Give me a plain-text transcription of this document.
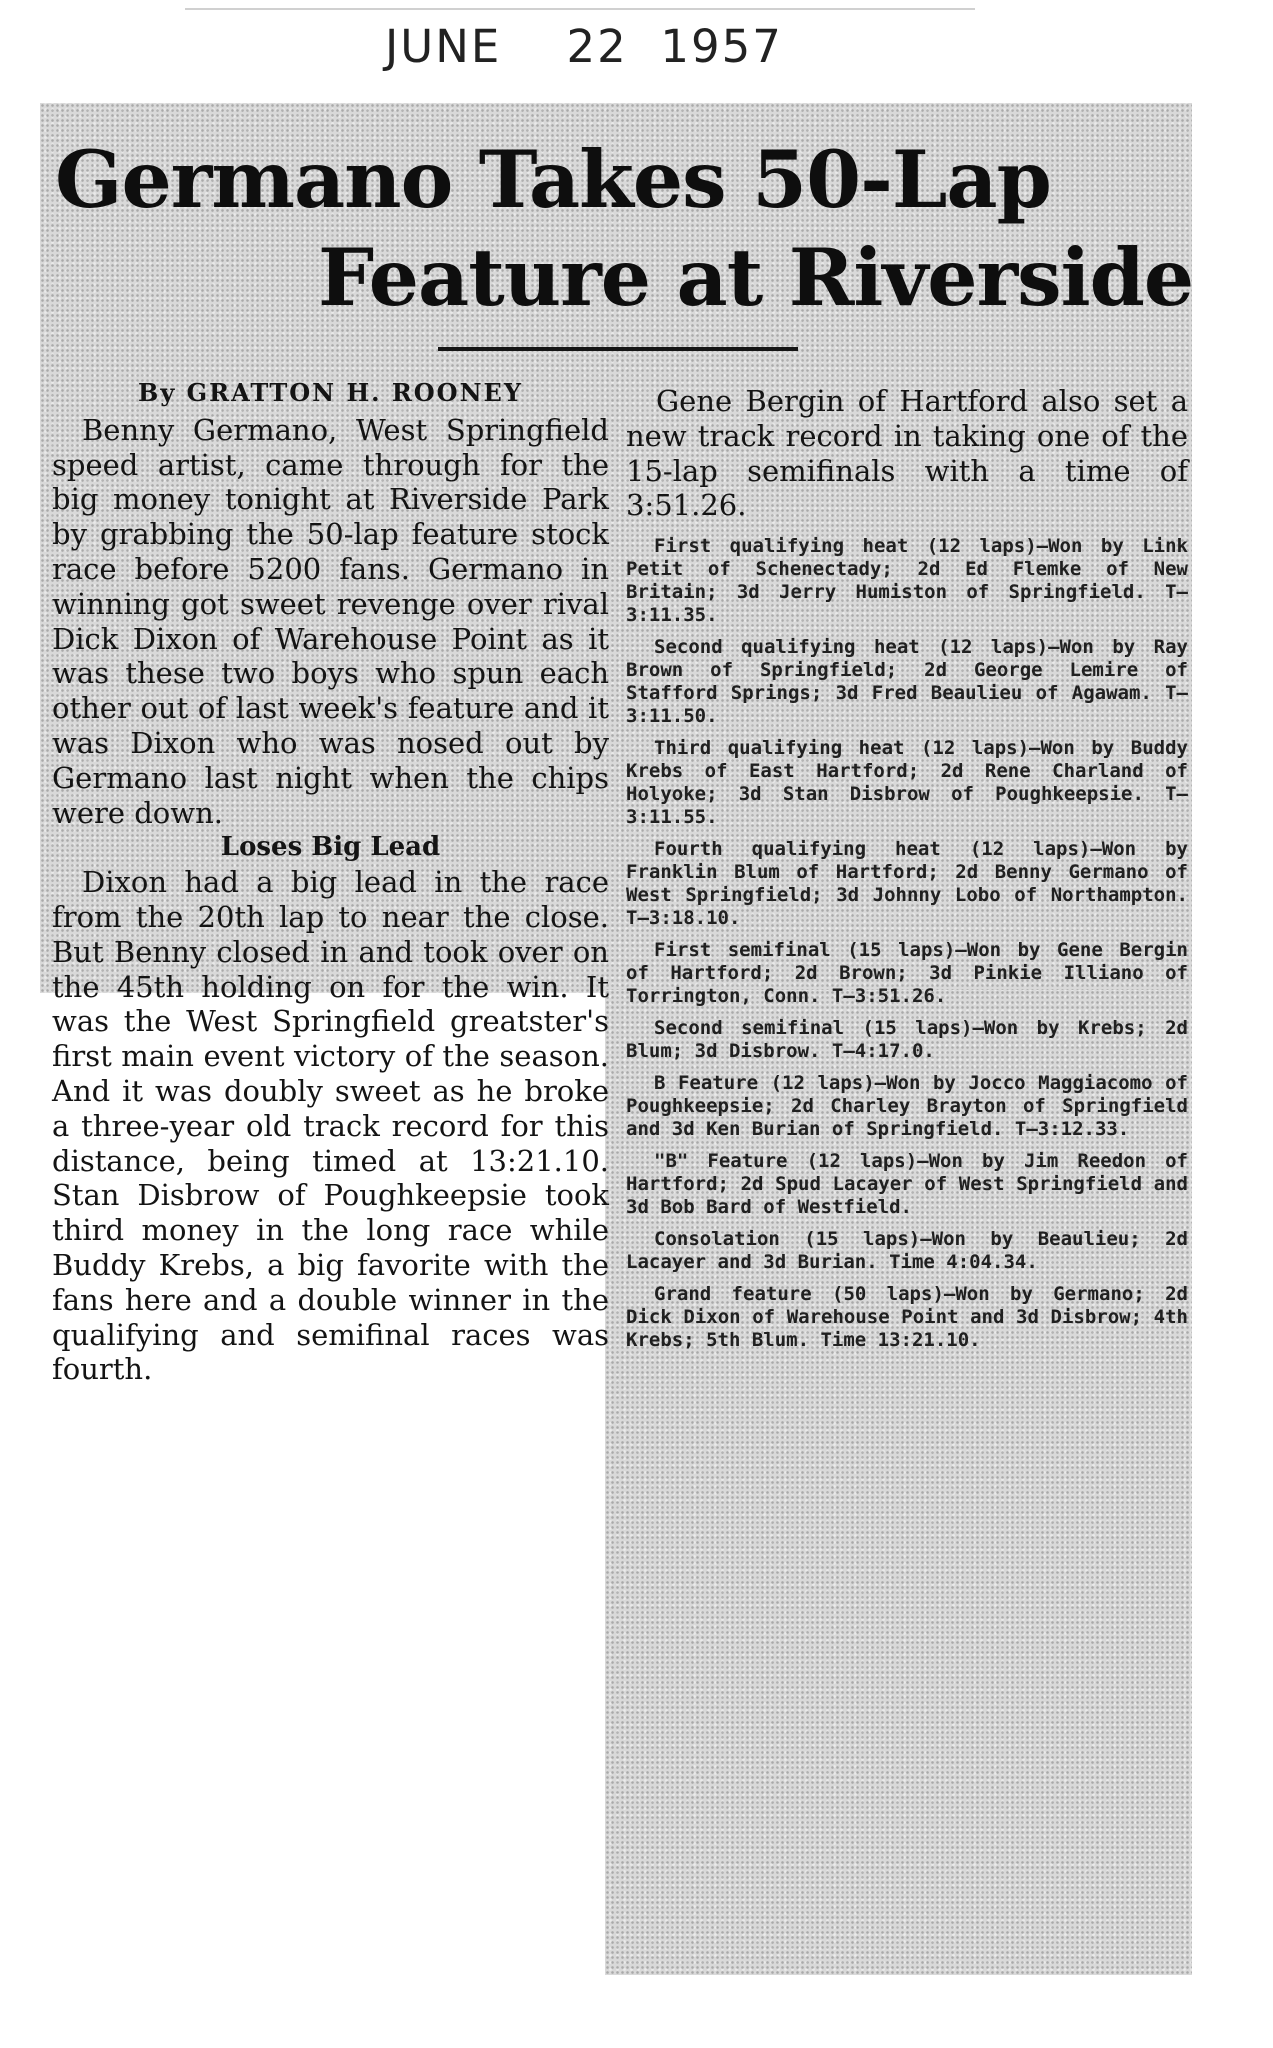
JUNE    22  1957
Germano Takes 50-Lap
Feature at Riverside

By GRATTON H. ROONEY

Benny Germano, West Springfield speed artist, came through for the big money tonight at Riverside Park by grabbing the 50-lap feature stock race before 5200 fans. Germano in winning got sweet revenge over rival Dick Dixon of Warehouse Point as it was these two boys who spun each other out of last week's feature and it was Dixon who was nosed out by Germano last night when the chips were down.

Loses Big Lead

Dixon had a big lead in the race from the 20th lap to near the close. But Benny closed in and took over on the 45th holding on for the win. It was the West Springfield greatster's first main event victory of the season. And it was doubly sweet as he broke a three-year old track record for this distance, being timed at 13:21.10. Stan Disbrow of Poughkeepsie took third money in the long race while Buddy Krebs, a big favorite with the fans here and a double winner in the qualifying and semifinal races was fourth.

Gene Bergin of Hartford also set a new track record in taking one of the 15-lap semifinals with a time of 3:51.26.

First qualifying heat (12 laps)—Won by Link Petit of Schenectady; 2d Ed Flemke of New Britain; 3d Jerry Humiston of Springfield. T—3:11.35.

Second qualifying heat (12 laps)—Won by Ray Brown of Springfield; 2d George Lemire of Stafford Springs; 3d Fred Beaulieu of Agawam. T—3:11.50.

Third qualifying heat (12 laps)—Won by Buddy Krebs of East Hartford; 2d Rene Charland of Holyoke; 3d Stan Disbrow of Poughkeepsie. T—3:11.55.

Fourth qualifying heat (12 laps)—Won by Franklin Blum of Hartford; 2d Benny Germano of West Springfield; 3d Johnny Lobo of Northampton. T—3:18.10.

First semifinal (15 laps)—Won by Gene Bergin of Hartford; 2d Brown; 3d Pinkie Illiano of Torrington, Conn. T—3:51.26.

Second semifinal (15 laps)—Won by Krebs; 2d Blum; 3d Disbrow. T—4:17.0.

B Feature (12 laps)—Won by Jocco Maggiacomo of Poughkeepsie; 2d Charley Brayton of Springfield and 3d Ken Burian of Springfield. T—3:12.33.

"B" Feature (12 laps)—Won by Jim Reedon of Hartford; 2d Spud Lacayer of West Springfield and 3d Bob Bard of Westfield.

Consolation (15 laps)—Won by Beaulieu; 2d Lacayer and 3d Burian. Time 4:04.34.

Grand feature (50 laps)—Won by Germano; 2d Dick Dixon of Warehouse Point and 3d Disbrow; 4th Krebs; 5th Blum. Time 13:21.10.
